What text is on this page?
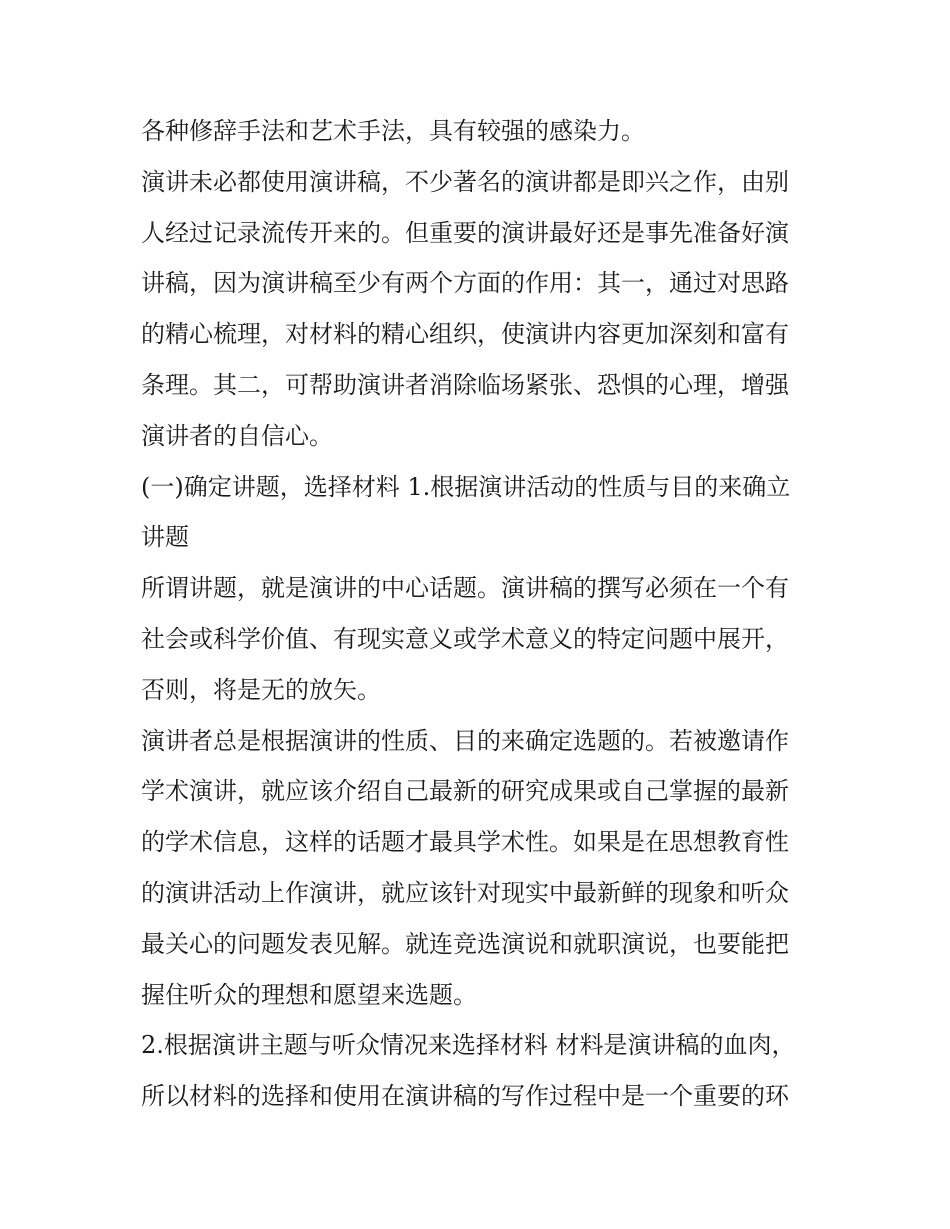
各种修辞手法和艺术手法，具有较强的感染力。
演讲未必都使用演讲稿，不少著名的演讲都是即兴之作，由别
人经过记录流传开来的。但重要的演讲最好还是事先准备好演
讲稿，因为演讲稿至少有两个方面的作用：其一，通过对思路
的精心梳理，对材料的精心组织，使演讲内容更加深刻和富有
条理。其二，可帮助演讲者消除临场紧张、恐惧的心理，增强
演讲者的自信心。
(一)确定讲题，选择材料 1.根据演讲活动的性质与目的来确立
讲题
所谓讲题，就是演讲的中心话题。演讲稿的撰写必须在一个有
社会或科学价值、有现实意义或学术意义的特定问题中展开，
否则，将是无的放矢。
演讲者总是根据演讲的性质、目的来确定选题的。若被邀请作
学术演讲，就应该介绍自己最新的研究成果或自己掌握的最新
的学术信息，这样的话题才最具学术性。如果是在思想教育性
的演讲活动上作演讲，就应该针对现实中最新鲜的现象和听众
最关心的问题发表见解。就连竞选演说和就职演说，也要能把
握住听众的理想和愿望来选题。
2.根据演讲主题与听众情况来选择材料 材料是演讲稿的血肉，
所以材料的选择和使用在演讲稿的写作过程中是一个重要的环
